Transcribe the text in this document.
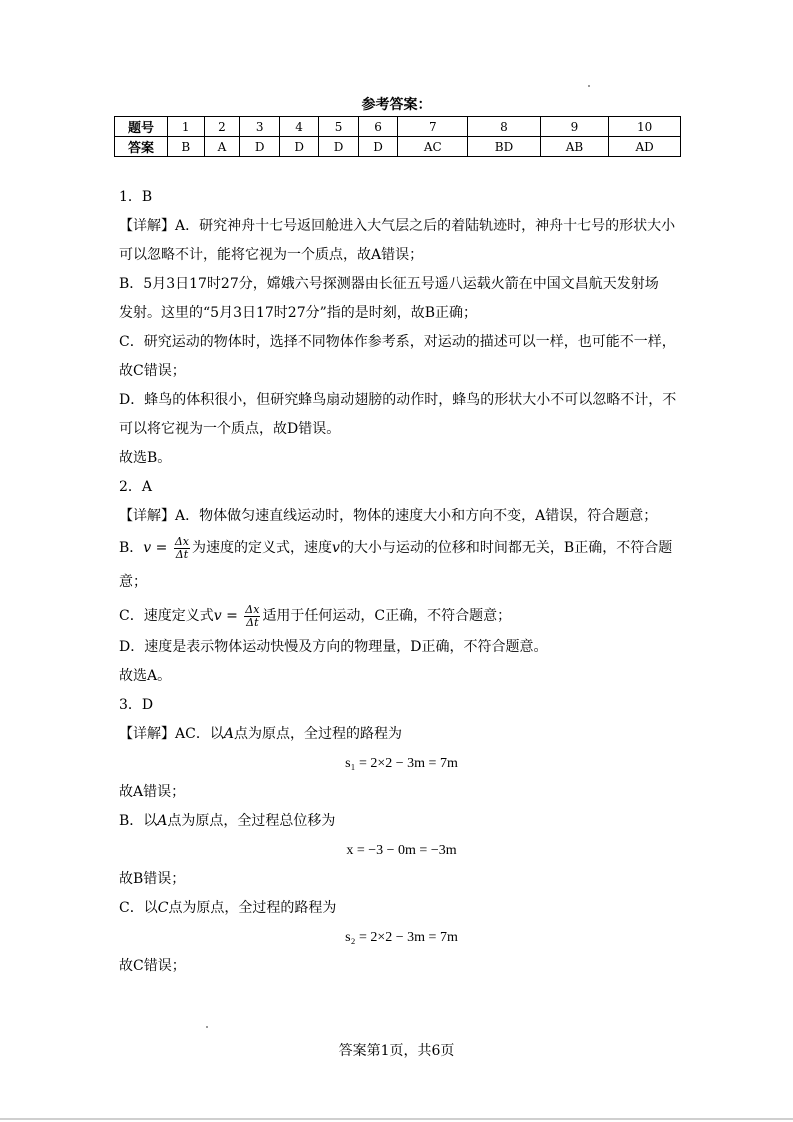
参考答案：
题号	1	2	3	4	5	6	7	8	9	10
答案	B	A	D	D	D	D	AC	BD	AB	AD

1．B

【详解】A．研究神舟十七号返回舱进入大气层之后的着陆轨迹时，神舟十七号的形状大小

可以忽略不计，能将它视为一个质点，故A错误；

B．5月3日17时27分，嫦娥六号探测器由长征五号遥八运载火箭在中国文昌航天发射场

发射。这里的“5月3日17时27分”指的是时刻，故B正确；

C．研究运动的物体时，选择不同物体作参考系，对运动的描述可以一样，也可能不一样，

故C错误；

D．蜂鸟的体积很小，但研究蜂鸟扇动翅膀的动作时，蜂鸟的形状大小不可以忽略不计，不

可以将它视为一个质点，故D错误。

故选B。

2．A

【详解】A．物体做匀速直线运动时，物体的速度大小和方向不变，A错误，符合题意；

B．$v = \frac{\Delta x}{\Delta t}$ 为速度的定义式，速度v的大小与运动的位移和时间都无关，B正确，不符合题意；

C．速度定义式$v = \frac{\Delta x}{\Delta t}$ 适用于任何运动，C正确，不符合题意；

D．速度是表示物体运动快慢及方向的物理量，D正确，不符合题意。

故选A。

3．D

【详解】AC．以A点为原点，全过程的路程为

s₁ = 2×2 − 3m = 7m

故A错误；

B．以A点为原点，全过程总位移为

x = −3 − 0m = −3m

故B错误；

C．以C点为原点，全过程的路程为

s₂ = 2×2 − 3m = 7m

故C错误；

答案第1页，共6页
